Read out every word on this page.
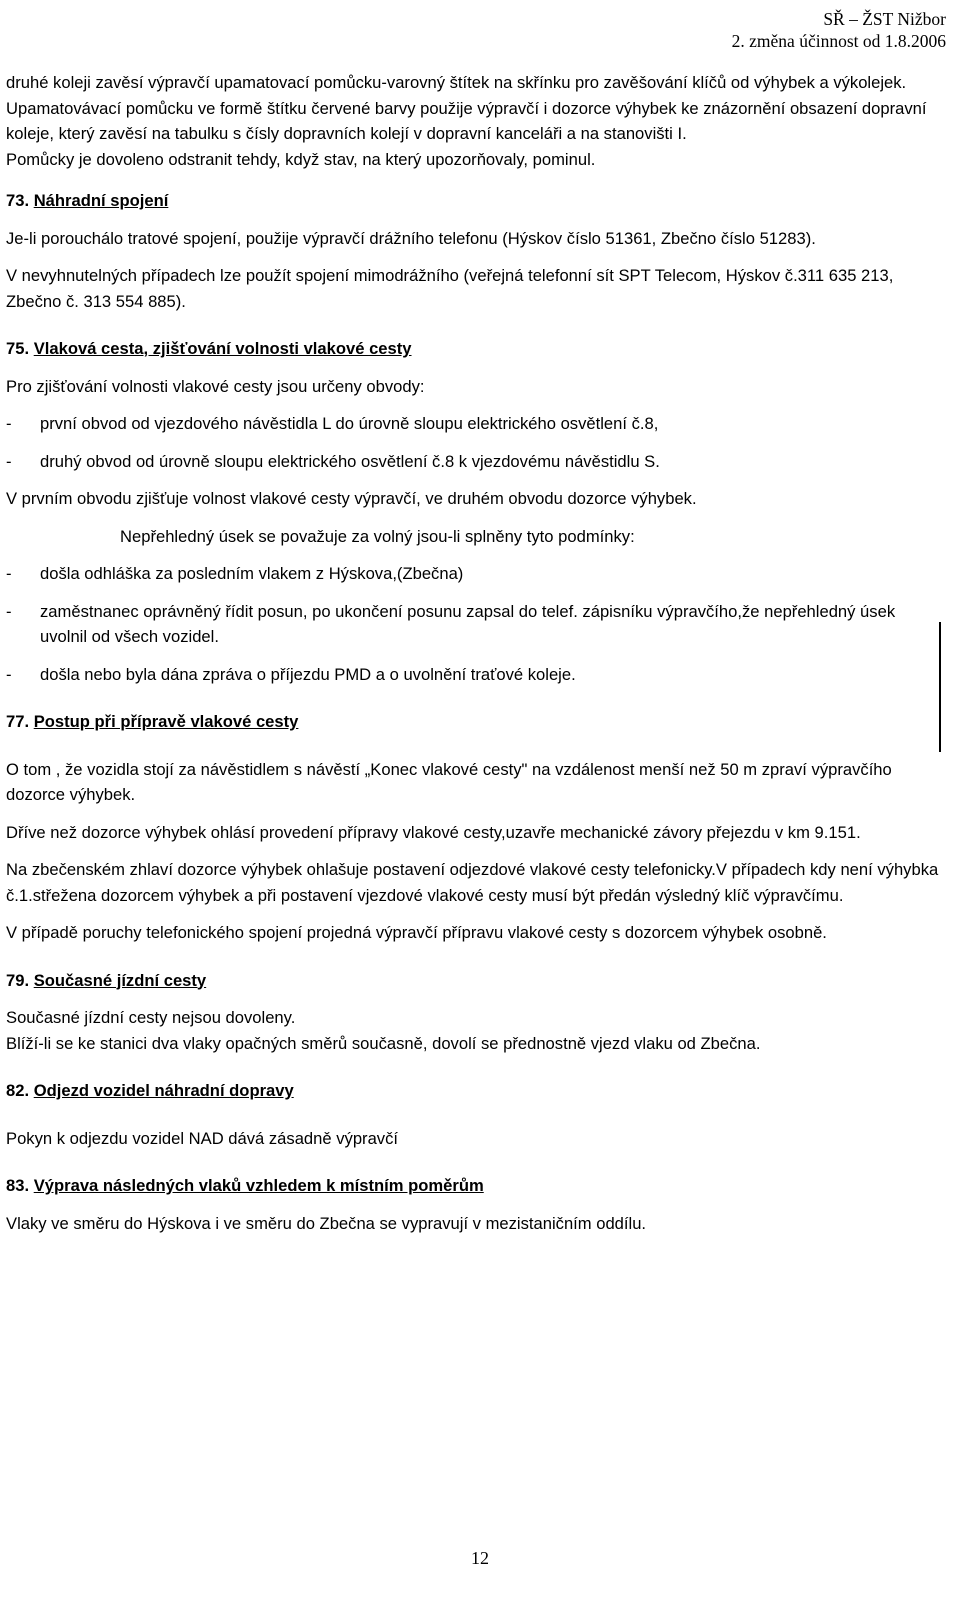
SŘ – ŽST Nižbor
2. změna účinnost od 1.8.2006

druhé koleji zavěsí výpravčí upamatovací pomůcku-varovný štítek na skřínku pro zavěšování klíčů od výhybek a výkolejek.

Upamatovávací pomůcku ve formě štítku červené barvy použije výpravčí i dozorce výhybek ke znázornění obsazení dopravní koleje, který zavěsí na tabulku s čísly dopravních kolejí v dopravní kanceláři a na stanovišti I.

Pomůcky je dovoleno odstranit tehdy, když stav, na který upozorňovaly, pominul.

73. Náhradní spojení

Je-li porouchálo tratové spojení, použije výpravčí drážního telefonu (Hýskov číslo 51361, Zbečno číslo 51283).

V nevyhnutelných případech lze použít spojení mimodrážního (veřejná telefonní sít SPT Telecom, Hýskov č.311 635 213, Zbečno č. 313 554 885).

75. Vlaková cesta, zjišťování volnosti vlakové cesty

Pro zjišťování volnosti vlakové cesty jsou určeny obvody:

-	první obvod od vjezdového návěstidla L do úrovně sloupu elektrického osvětlení č.8,
-	druhý obvod od úrovně sloupu elektrického osvětlení č.8 k vjezdovému návěstidlu S.

V prvním obvodu zjišťuje volnost vlakové cesty výpravčí, ve druhém obvodu dozorce výhybek.

Nepřehledný úsek se považuje za volný jsou-li splněny tyto podmínky:

-	došla odhláška za posledním vlakem z Hýskova,(Zbečna)
-	zaměstnanec oprávněný řídit posun, po ukončení posunu zapsal do telef. zápisníku výpravčího,že nepřehledný úsek uvolnil od všech vozidel.
-	došla nebo byla dána zpráva o příjezdu PMD a o uvolnění traťové koleje.

77. Postup při přípravě vlakové cesty

O tom , že vozidla stojí za návěstidlem s návěstí „Konec vlakové cesty" na vzdálenost menší než 50 m zpraví výpravčího dozorce výhybek.

Dříve než dozorce výhybek ohlásí provedení přípravy vlakové cesty,uzavře mechanické závory přejezdu v km 9.151.

Na zbečenském zhlaví dozorce výhybek ohlašuje postavení odjezdové vlakové cesty telefonicky.V případech kdy není výhybka č.1.střežena dozorcem výhybek a při postavení vjezdové vlakové cesty musí být předán výsledný klíč výpravčímu.

V případě poruchy telefonického spojení projedná výpravčí přípravu vlakové cesty s dozorcem výhybek osobně.

79. Současné jízdní cesty

Současné jízdní cesty nejsou dovoleny.

Blíží-li se ke stanici dva vlaky opačných směrů současně, dovolí se přednostně vjezd vlaku od Zbečna.

82. Odjezd vozidel náhradní dopravy

Pokyn k odjezdu vozidel NAD dává zásadně výpravčí

83. Výprava následných vlaků vzhledem k místním poměrům

Vlaky ve směru do Hýskova i ve směru do Zbečna se vypravují v mezistaničním oddílu.

12
